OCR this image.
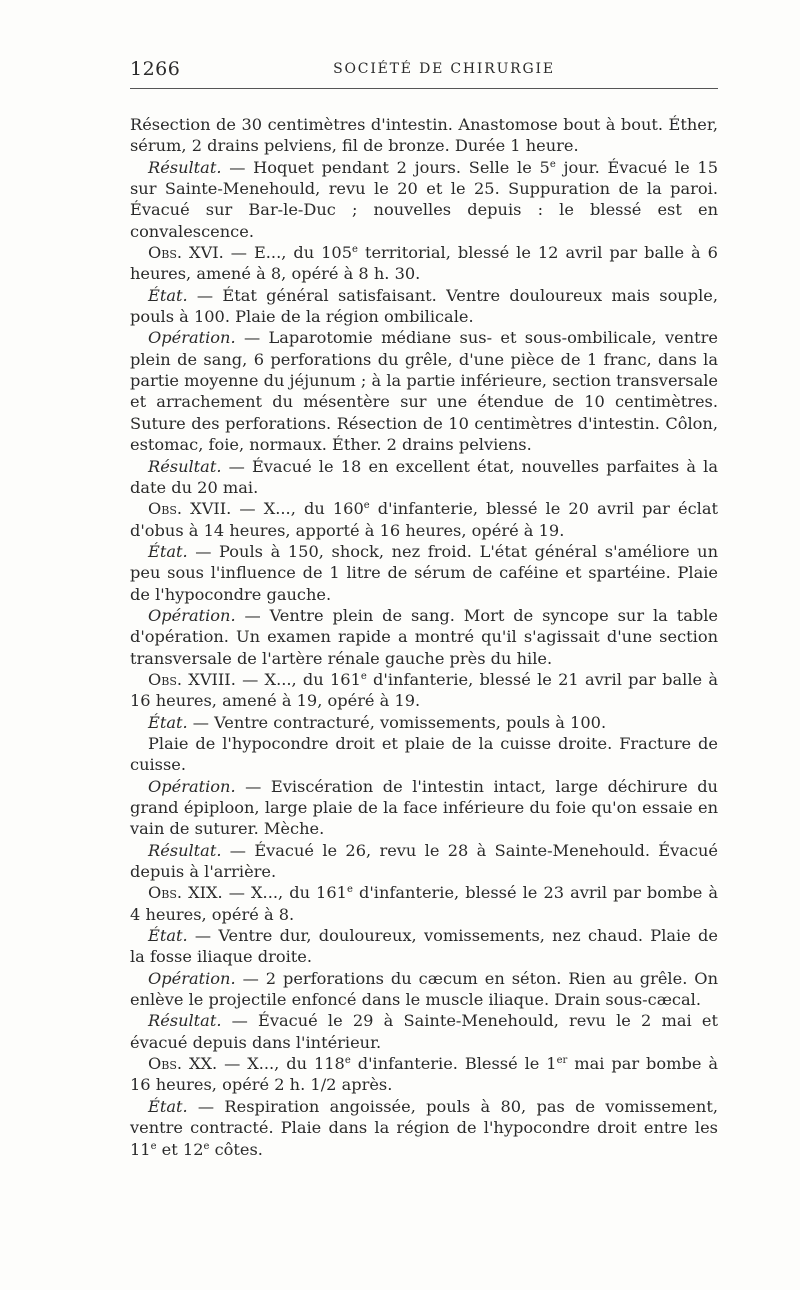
1266	SOCIÉTÉ DE CHIRURGIE

Résection de 30 centimètres d'intestin. Anastomose bout à bout. Éther, sérum, 2 drains pelviens, fil de bronze. Durée 1 heure.

Résultat. — Hoquet pendant 2 jours. Selle le 5e jour. Évacué le 15 sur Sainte-Menehould, revu le 20 et le 25. Suppuration de la paroi. Évacué sur Bar-le-Duc ; nouvelles depuis : le blessé est en convalescence.

Obs. XVI. — E..., du 105e territorial, blessé le 12 avril par balle à 6 heures, amené à 8, opéré à 8 h. 30.

État. — État général satisfaisant. Ventre douloureux mais souple, pouls à 100. Plaie de la région ombilicale.

Opération. — Laparotomie médiane sus- et sous-ombilicale, ventre plein de sang, 6 perforations du grêle, d'une pièce de 1 franc, dans la partie moyenne du jéjunum ; à la partie inférieure, section transversale et arrachement du mésentère sur une étendue de 10 centimètres. Suture des perforations. Résection de 10 centimètres d'intestin. Côlon, estomac, foie, normaux. Éther. 2 drains pelviens.

Résultat. — Évacué le 18 en excellent état, nouvelles parfaites à la date du 20 mai.

Obs. XVII. — X..., du 160e d'infanterie, blessé le 20 avril par éclat d'obus à 14 heures, apporté à 16 heures, opéré à 19.

État. — Pouls à 150, shock, nez froid. L'état général s'améliore un peu sous l'influence de 1 litre de sérum de caféine et spartéine. Plaie de l'hypocondre gauche.

Opération. — Ventre plein de sang. Mort de syncope sur la table d'opération. Un examen rapide a montré qu'il s'agissait d'une section transversale de l'artère rénale gauche près du hile.

Obs. XVIII. — X..., du 161e d'infanterie, blessé le 21 avril par balle à 16 heures, amené à 19, opéré à 19.

État. — Ventre contracturé, vomissements, pouls à 100.

Plaie de l'hypocondre droit et plaie de la cuisse droite. Fracture de cuisse.

Opération. — Eviscération de l'intestin intact, large déchirure du grand épiploon, large plaie de la face inférieure du foie qu'on essaie en vain de suturer. Mèche.

Résultat. — Évacué le 26, revu le 28 à Sainte-Menehould. Évacué depuis à l'arrière.

Obs. XIX. — X..., du 161e d'infanterie, blessé le 23 avril par bombe à 4 heures, opéré à 8.

État. — Ventre dur, douloureux, vomissements, nez chaud. Plaie de la fosse iliaque droite.

Opération. — 2 perforations du cæcum en séton. Rien au grêle. On enlève le projectile enfoncé dans le muscle iliaque. Drain sous-cæcal.

Résultat. — Évacué le 29 à Sainte-Menehould, revu le 2 mai et évacué depuis dans l'intérieur.

Obs. XX. — X..., du 118e d'infanterie. Blessé le 1er mai par bombe à 16 heures, opéré 2 h. 1/2 après.

État. — Respiration angoissée, pouls à 80, pas de vomissement, ventre contracté. Plaie dans la région de l'hypocondre droit entre les 11e et 12e côtes.
